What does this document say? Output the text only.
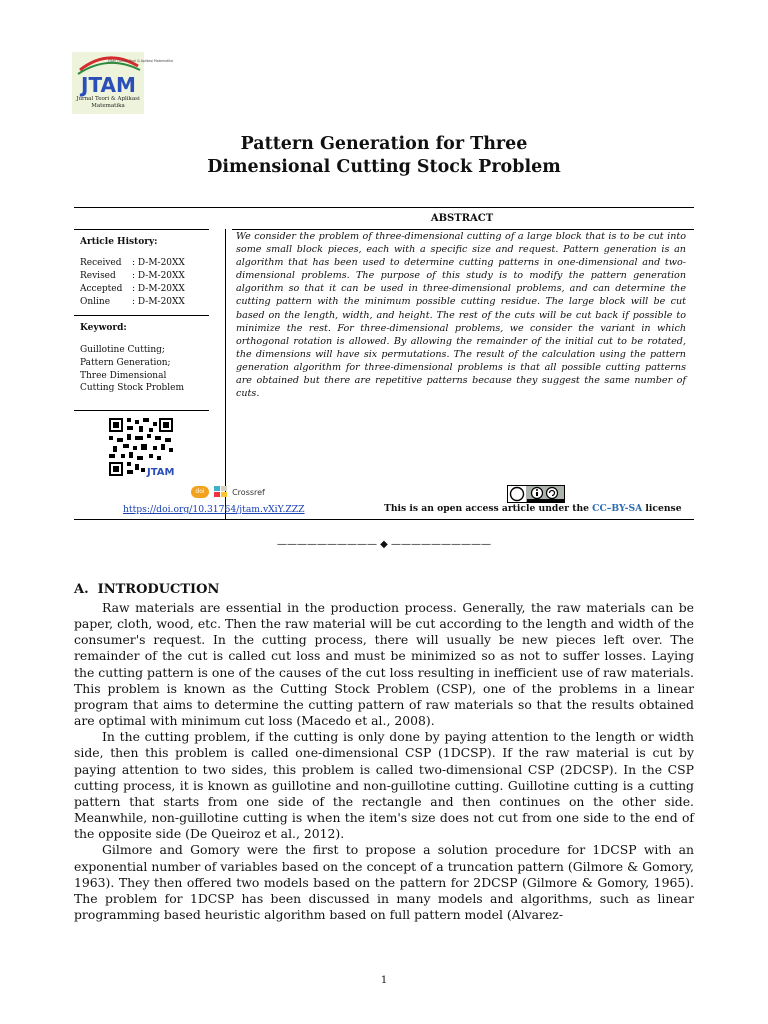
JTAM
JTAM | Jurnal Teori & Aplikasi Matematika
Jurnal Teori & Aplikasi
Matematika
Pattern Generation for Three
Dimensional Cutting Stock Problem
ABSTRACT

We consider the problem of three-dimensional cutting of a large block that is to be cut into some small block pieces, each with a specific size and request. Pattern generation is an algorithm that has been used to determine cutting patterns in one-dimensional and two-dimensional problems. The purpose of this study is to modify the pattern generation algorithm so that it can be used in three-dimensional problems, and can determine the cutting pattern with the minimum possible cutting residue. The large block will be cut based on the length, width, and height. The rest of the cuts will be cut back if possible to minimize the rest. For three-dimensional problems, we consider the variant in which orthogonal rotation is allowed. By allowing the remainder of the initial cut to be rotated, the dimensions will have six permutations. The result of the calculation using the pattern generation algorithm for three-dimensional problems is that all possible cutting patterns are obtained but there are repetitive patterns because they suggest the same number of cuts.

Article History:
Received : D-M-20XX
Revised : D-M-20XX
Accepted : D-M-20XX
Online : D-M-20XX
Keyword:
Guillotine Cutting;
Pattern Generation;
Three Dimensional
Cutting Stock Problem
JTAM
doi	Crossref
https://doi.org/10.31764/jtam.vXiY.ZZZ	This is an open access article under the CC–BY-SA license
—————————— ◆ ——————————
A.  INTRODUCTION

Raw materials are essential in the production process. Generally, the raw materials can be paper, cloth, wood, etc. Then the raw material will be cut according to the length and width of the consumer's request. In the cutting process, there will usually be new pieces left over. The remainder of the cut is called cut loss and must be minimized so as not to suffer losses. Laying the cutting pattern is one of the causes of the cut loss resulting in inefficient use of raw materials. This problem is known as the Cutting Stock Problem (CSP), one of the problems in a linear program that aims to determine the cutting pattern of raw materials so that the results obtained are optimal with minimum cut loss (Macedo et al., 2008).

In the cutting problem, if the cutting is only done by paying attention to the length or width side, then this problem is called one-dimensional CSP (1DCSP). If the raw material is cut by paying attention to two sides, this problem is called two-dimensional CSP (2DCSP). In the CSP cutting process, it is known as guillotine and non-guillotine cutting. Guillotine cutting is a cutting pattern that starts from one side of the rectangle and then continues on the other side. Meanwhile, non-guillotine cutting is when the item's size does not cut from one side to the end of the opposite side (De Queiroz et al., 2012).

Gilmore and Gomory were the first to propose a solution procedure for 1DCSP with an exponential number of variables based on the concept of a truncation pattern (Gilmore & Gomory, 1963). They then offered two models based on the pattern for 2DCSP (Gilmore & Gomory, 1965). The problem for 1DCSP has been discussed in many models and algorithms, such as linear programming based heuristic algorithm based on full pattern model (Alvarez-

1
